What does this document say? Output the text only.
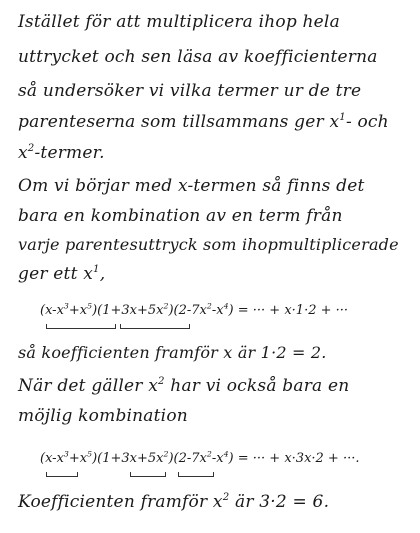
Istället för att multiplicera ihop hela
uttrycket och sen läsa av koefficienterna
så undersöker vi vilka termer ur de tre
parenteserna som tillsammans ger $x^1-$ och
$x^2$-termer.
Om vi börjar med x-termen så finns det
bara en kombination av en term från
varje parentesuttryck som ihopmultiplicerade
ger ett $x^1$,
$(x-x^3+x^5)(1+3x+5x^2)(2-7x^2-x^4)$ = ··· + x·1·2 + ···
så koefficienten framför x är 1·2 = 2.
När det gäller $x^2$ har vi också bara en
möjlig kombination
$(x-x^3+x^5)(1+3x+5x^2)(2-7x^2-x^4)$ = ··· + x·3x·2 + ···.
Koefficienten framför $x^2$ är 3·2 = 6.
